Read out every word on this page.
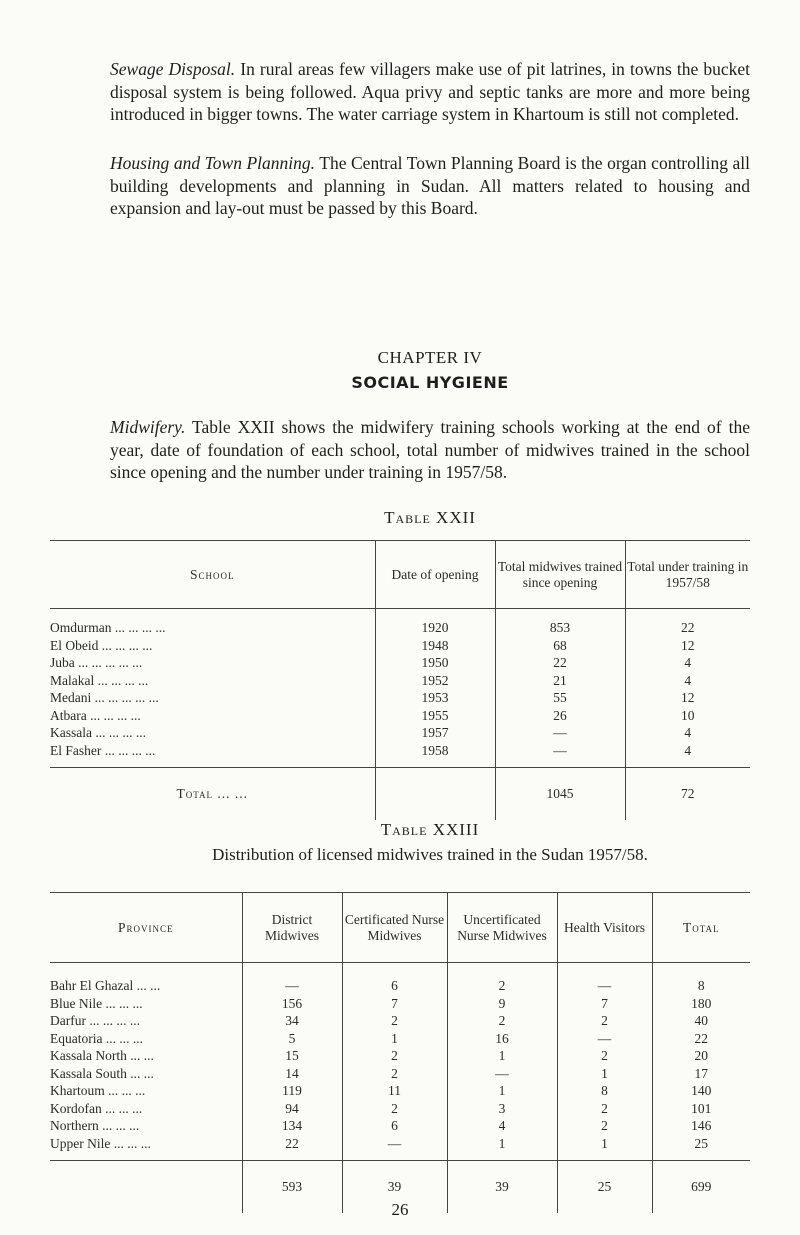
Sewage Disposal. In rural areas few villagers make use of pit latrines, in towns the bucket disposal system is being followed. Aqua privy and septic tanks are more and more being introduced in bigger towns. The water carriage system in Khartoum is still not completed.

Housing and Town Planning. The Central Town Planning Board is the organ controlling all building developments and planning in Sudan. All matters related to housing and expansion and lay-out must be passed by this Board.

CHAPTER IV

SOCIAL HYGIENE

Midwifery. Table XXII shows the midwifery training schools working at the end of the year, date of foundation of each school, total number of midwives trained in the school since opening and the number under training in 1957/58.

Table XXII

School	Date of opening	Total midwives trained since opening	Total under training in 1957/58
Omdurman ... ... ... ...	1920	853	22
El Obeid ... ... ... ...	1948	68	12
Juba ... ... ... ... ...	1950	22	4
Malakal ... ... ... ...	1952	21	4
Medani ... ... ... ... ...	1953	55	12
Atbara ... ... ... ...	1955	26	10
Kassala ... ... ... ...	1957	—	4
El Fasher ... ... ... ...	1958	—	4
Total ... ...		1045	72

Table XXIII

Distribution of licensed midwives trained in the Sudan 1957/58.

Province	District Midwives	Certificated Nurse Midwives	Uncertificated Nurse Midwives	Health Visitors	Total
Bahr El Ghazal ... ...	—	6	2	—	8
Blue Nile ... ... ...	156	7	9	7	180
Darfur ... ... ... ...	34	2	2	2	40
Equatoria ... ... ...	5	1	16	—	22
Kassala North ... ...	15	2	1	2	20
Kassala South ... ...	14	2	—	1	17
Khartoum ... ... ...	119	11	1	8	140
Kordofan ... ... ...	94	2	3	2	101
Northern ... ... ...	134	6	4	2	146
Upper Nile ... ... ...	22	—	1	1	25
	593	39	39	25	699
26
